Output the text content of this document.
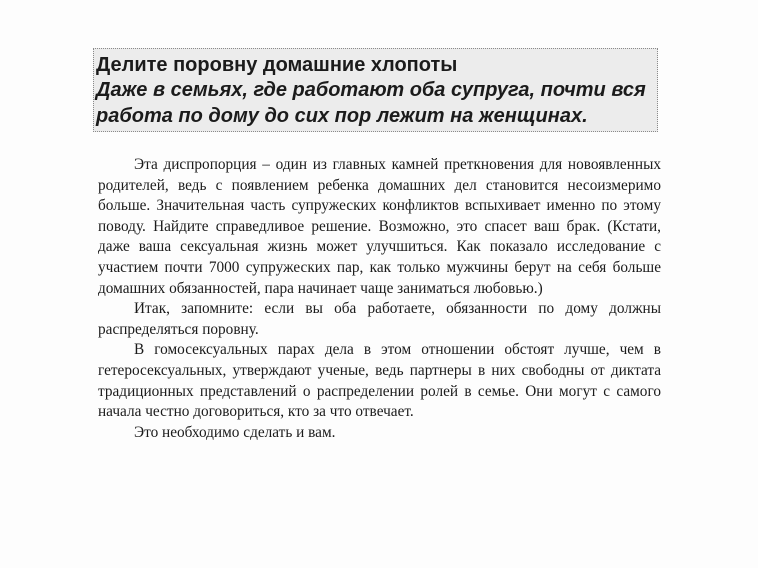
Делите поровну домашние хлопоты

Даже в семьях, где работают оба супруга, почти вся

работа по дому до сих пор лежит на женщинах.

Эта диспропорция – один из главных камней преткновения для новоявленных родителей, ведь с появлением ребенка домашних дел становится несоизмеримо больше. Значительная часть супружеских конфликтов вспыхивает именно по этому поводу. Найдите справедливое решение. Возможно, это спасет ваш брак. (Кстати, даже ваша сексуальная жизнь может улучшиться. Как показало исследование с участием почти 7000 супружеских пар, как только мужчины берут на себя больше домашних обязанностей, пара начинает чаще заниматься любовью.)

Итак, запомните: если вы оба работаете, обязанности по дому должны распределяться поровну.

В гомосексуальных парах дела в этом отношении обстоят лучше, чем в гетеросексуальных, утверждают ученые, ведь партнеры в них свободны от диктата традиционных представлений о распределении ролей в семье. Они могут с самого начала честно договориться, кто за что отвечает.

Это необходимо сделать и вам.
